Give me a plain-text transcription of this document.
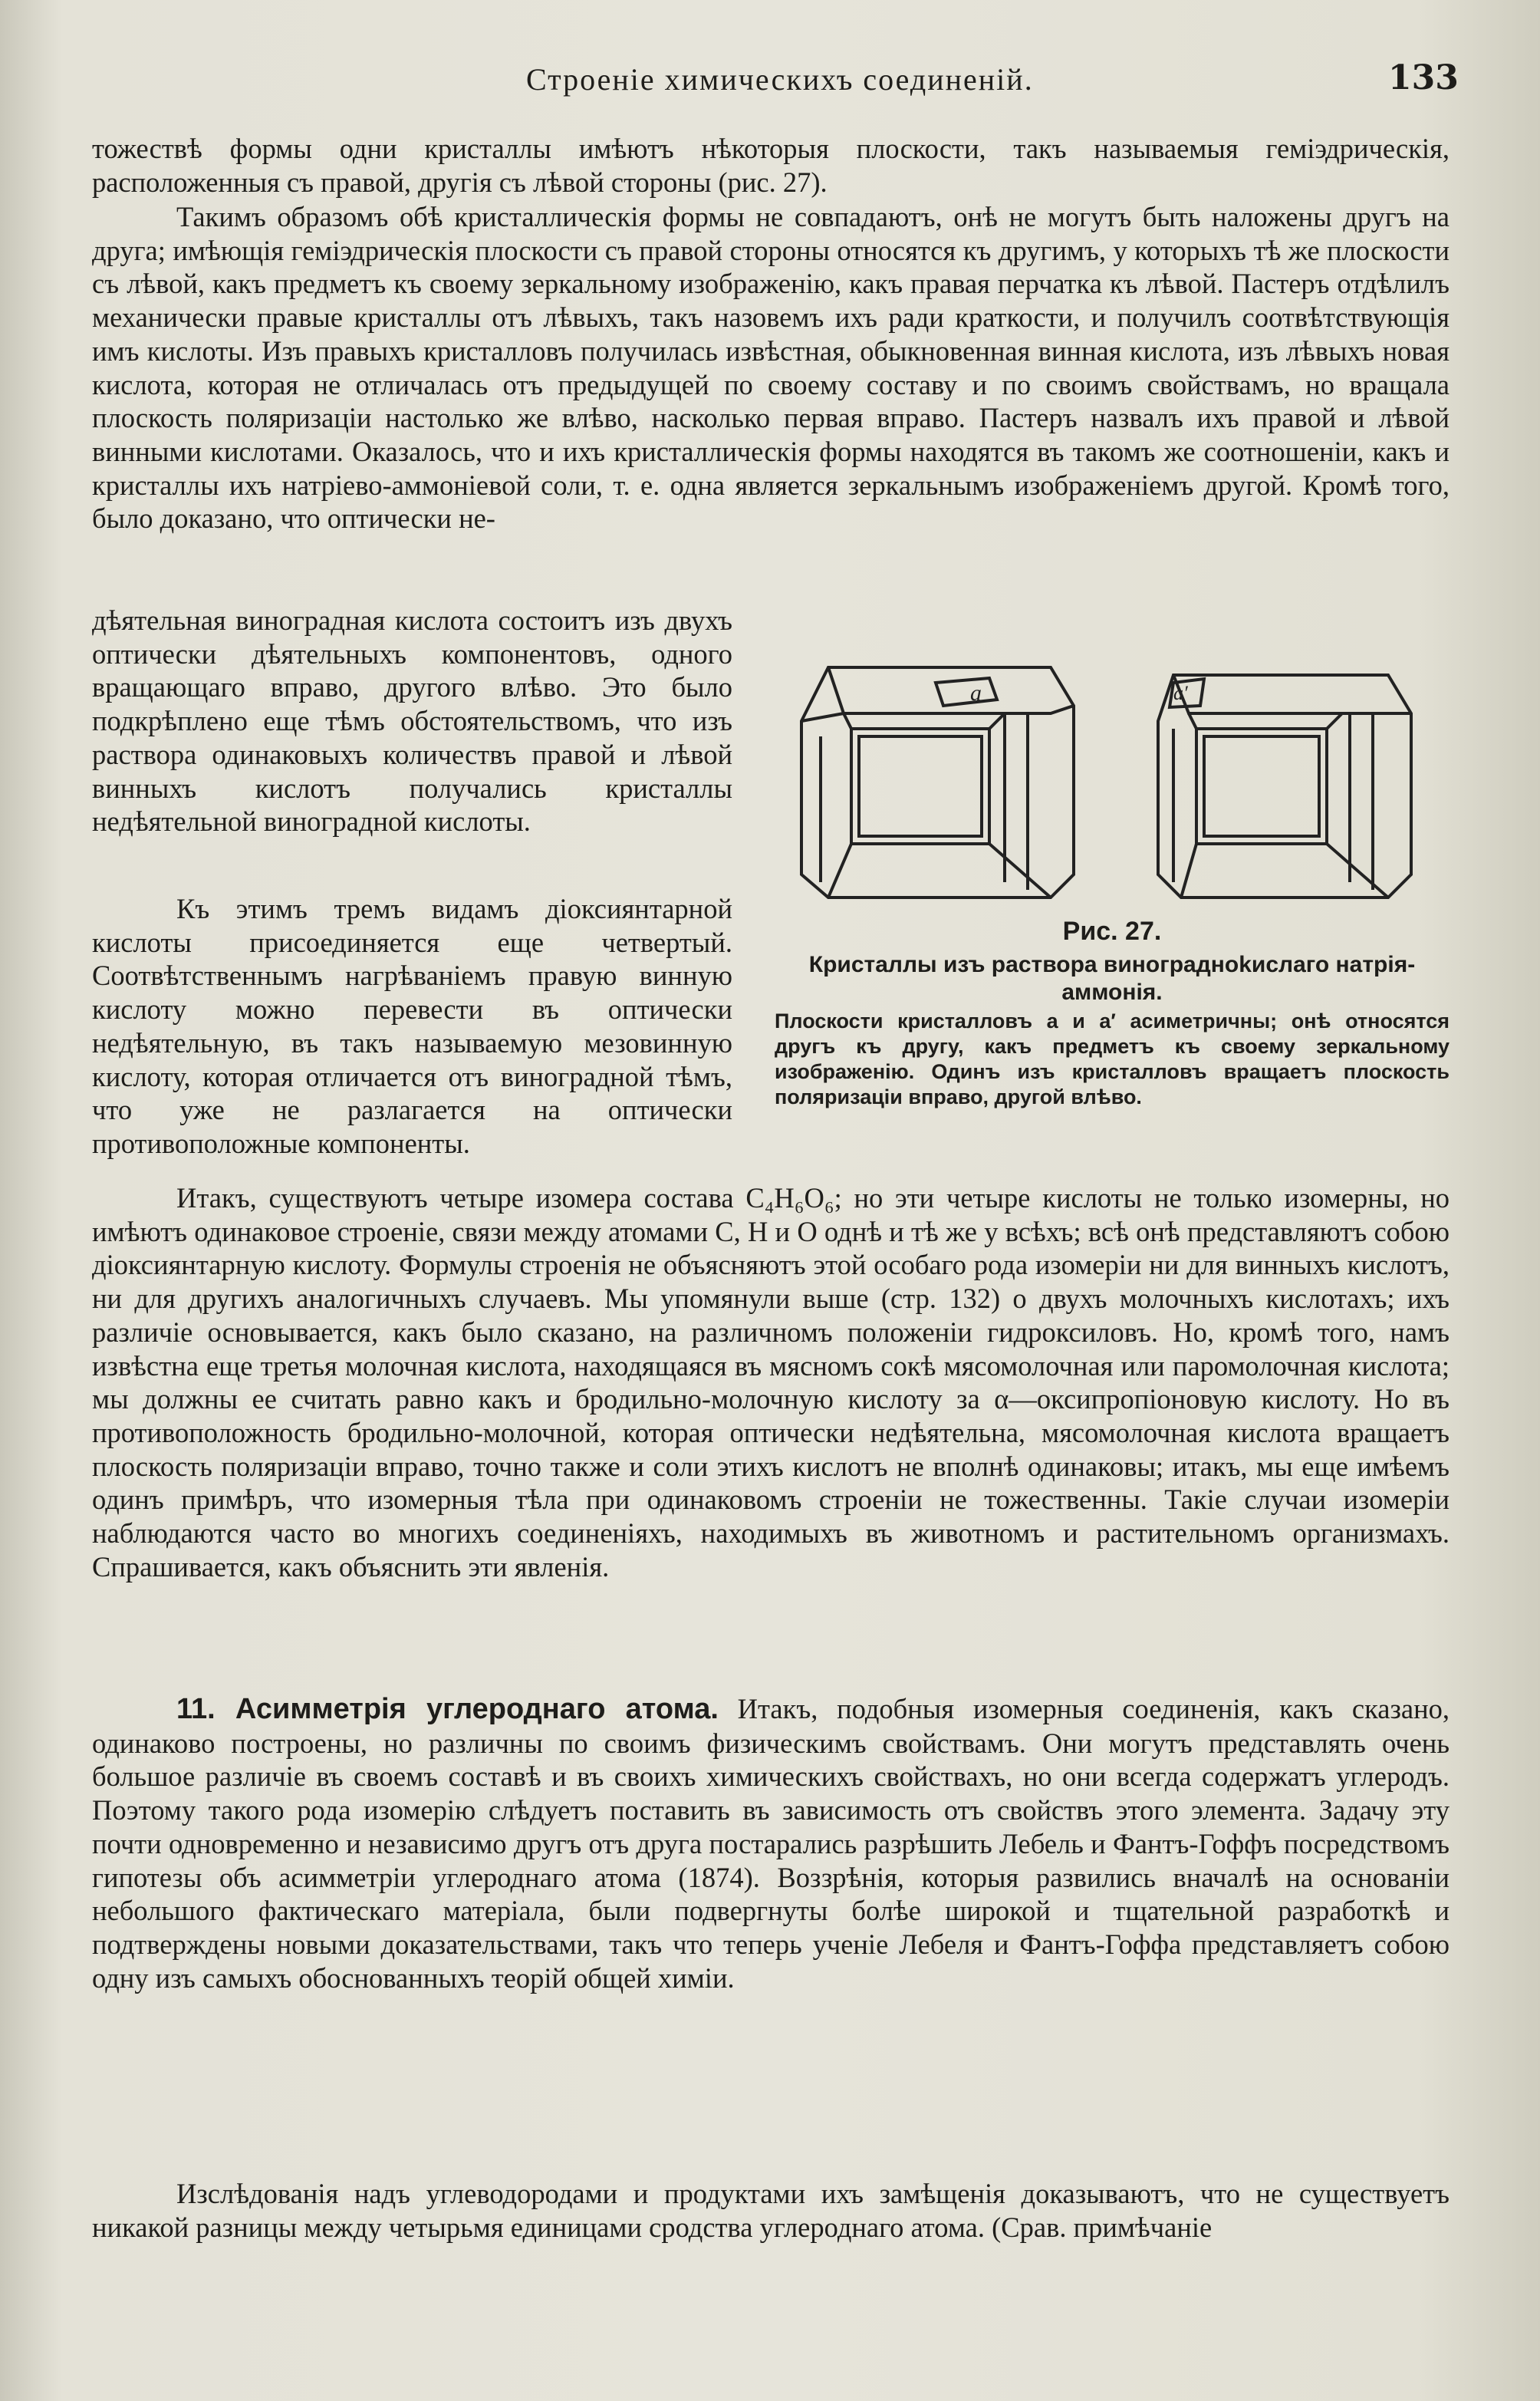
Строеніе химическихъ соединеній.	133

тожествѣ формы одни кристаллы имѣютъ нѣкоторыя плоскости, такъ называемыя геміэдрическія, расположенныя съ правой, другія съ лѣвой стороны (рис. 27).

Такимъ образомъ обѣ кристаллическія формы не совпадаютъ, онѣ не могутъ быть наложены другъ на друга; имѣющія геміэдрическія плоскости съ правой стороны относятся къ другимъ, у которыхъ тѣ же плоскости съ лѣвой, какъ предметъ къ своему зеркальному изображенію, какъ правая перчатка къ лѣвой. Пастеръ отдѣлилъ механически правые кристаллы отъ лѣвыхъ, такъ назовемъ ихъ ради краткости, и получилъ соотвѣтствующія имъ кислоты. Изъ правыхъ кристалловъ получилась извѣстная, обыкновенная винная кислота, изъ лѣвыхъ новая кислота, которая не отличалась отъ предыдущей по своему составу и по своимъ свойствамъ, но вращала плоскость поляризаціи настолько же влѣво, насколько первая вправо. Пастеръ назвалъ ихъ правой и лѣвой винными кислотами. Оказалось, что и ихъ кристаллическія формы находятся въ такомъ же соотношеніи, какъ и кристаллы ихъ натріево-аммоніевой соли, т. е. одна является зеркальнымъ изображеніемъ другой. Кромѣ того, было доказано, что оптически не-

дѣятельная виноградная кислота состоитъ изъ двухъ оптически дѣятельныхъ компонентовъ, одного вращающаго вправо, другого влѣво. Это было подкрѣплено еще тѣмъ обстоятельствомъ, что изъ раствора одинаковыхъ количествъ правой и лѣвой винныхъ кислотъ получались кристаллы недѣятельной виноградной кислоты.

Къ этимъ тремъ видамъ діоксиянтарной кислоты присоединяется еще четвертый. Соотвѣтственнымъ нагрѣваніемъ правую винную кислоту можно перевести въ оптически недѣятельную, въ такъ называемую мезовинную кислоту, которая отличается отъ виноградной тѣмъ, что уже не разлагается на оптически противоположные компоненты.

a	a′

Рис. 27.

Кристаллы изъ раствора виноградноkислаго натрія-аммонія.

Плоскости кристалловъ a и a′ асиметричны; онѣ относятся другъ къ другу, какъ предметъ къ своему зеркальному изображенію. Одинъ изъ кристалловъ вращаетъ плоскость поляризаціи вправо, другой влѣво.

Итакъ, существуютъ четыре изомера состава C₄H₆O₆; но эти четыре кислоты не только изомерны, но имѣютъ одинаковое строеніе, связи между атомами C, H и O однѣ и тѣ же у всѣхъ; всѣ онѣ представляютъ собою діоксиянтарную кислоту. Формулы строенія не объясняютъ этой особаго рода изомеріи ни для винныхъ кислотъ, ни для другихъ аналогичныхъ случаевъ. Мы упомянули выше (стр. 132) о двухъ молочныхъ кислотахъ; ихъ различіе основывается, какъ было сказано, на различномъ положеніи гидроксиловъ. Но, кромѣ того, намъ извѣстна еще третья молочная кислота, находящаяся въ мясномъ сокѣ мясомолочная или паромолочная кислота; мы должны ее считать равно какъ и бродильно-молочную кислоту за α—оксипропіоновую кислоту. Но въ противоположность бродильно-молочной, которая оптически недѣятельна, мясомолочная кислота вращаетъ плоскость поляризаціи вправо, точно также и соли этихъ кислотъ не вполнѣ одинаковы; итакъ, мы еще имѣемъ одинъ примѣръ, что изомерныя тѣла при одинаковомъ строеніи не тожественны. Такіе случаи изомеріи наблюдаются часто во многихъ соединеніяхъ, находимыхъ въ животномъ и растительномъ организмахъ. Спрашивается, какъ объяснить эти явленія.

11. Асимметрія углероднаго атома. Итакъ, подобныя изомерныя соединенія, какъ сказано, одинаково построены, но различны по своимъ физическимъ свойствамъ. Они могутъ представлять очень большое различіе въ своемъ составѣ и въ своихъ химическихъ свойствахъ, но они всегда содержатъ углеродъ. Поэтому такого рода изомерію слѣдуетъ поставить въ зависимость отъ свойствъ этого элемента. Задачу эту почти одновременно и независимо другъ отъ друга постарались разрѣшить Лебель и Фантъ-Гоффъ посредствомъ гипотезы объ асимметріи углероднаго атома (1874). Воззрѣнія, которыя развились вначалѣ на основаніи небольшого фактическаго матеріала, были подвергнуты болѣе широкой и тщательной разработкѣ и подтверждены новыми доказательствами, такъ что теперь ученіе Лебеля и Фантъ-Гоффа представляетъ собою одну изъ самыхъ обоснованныхъ теорій общей химіи.

Изслѣдованія надъ углеводородами и продуктами ихъ замѣщенія доказываютъ, что не существуетъ никакой разницы между четырьмя единицами сродства углероднаго атома. (Срав. примѣчаніе
